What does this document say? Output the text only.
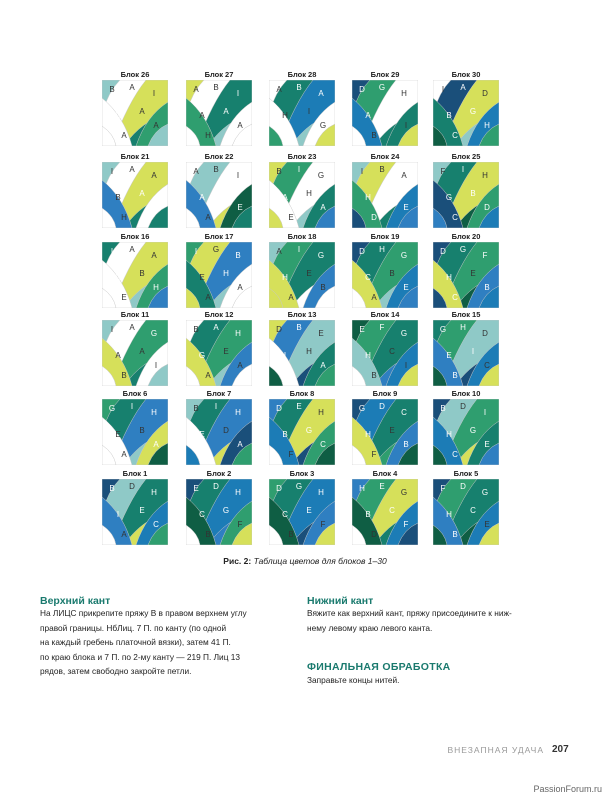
Блок 26
B A
I
G A
A
A
Блок 27
A B
I
A A
A
H
Блок 28
A B
A
H I
G
A
Блок 29
D G
H
A A
I
B
Блок 30
I A
D
B G
H
C
Блок 21
I A
A
B A
E
H
Блок 22
A B
I
A F
E
A
Блок 23
B I
G
A H
A
E
Блок 24
I B
A
H G
E
D
Блок 25
F I
H
G B
D
C
Блок 16
I A
A
G B
H
E
Блок 17
I G
B
E H
A
A
Блок 18
A I
G
H E
B
A
Блок 19
D H
G
C B
E
A
Блок 20
D G
F
H E
B
C
Блок 11
I A
G
A A
I
B
Блок 12
B A
H
G E
A
A
Блок 13
D B
E
I H
A
G
Блок 14
E F
G
H C
I
B
Блок 15
G H
D
E	I
C
B
Блок 6
G I
H
E B
A
A
Блок 7
B I
H
E D
A
G
Блок 8
D E
H
B G
C
F
Блок 9
G D
C
H E
B
F
Блок 10
B D
I
H G
E
C
Блок 1
B D
H
I	E
C
A
Блок 2
E D
H
C G
F
B
Блок 3
D G
H
C E
F
B
Блок 4
H E
G
B C
F
D
Блок 5
F D
G
H C
E
B
Рис. 2: Таблица цветов для блоков 1–30
Верхний кант
На ЛИЦС прикрепите пряжу B в правом верхнем углу
правой границы. НбЛиц. 7 П. по канту (по одной
на каждый гребень платочной вязки), затем 41 П.
по краю блока и 7 П. по 2-му канту — 219 П. Лиц 13
рядов, затем свободно закройте петли.
Нижний кант
Вяжите как верхний кант, пряжу присоедините к ниж-
нему левому краю левого канта.
ФИНАЛЬНАЯ ОБРАБОТКА
Заправьте концы нитей.
ВНЕЗАПНАЯ УДАЧА 207
PassionForum.ru
